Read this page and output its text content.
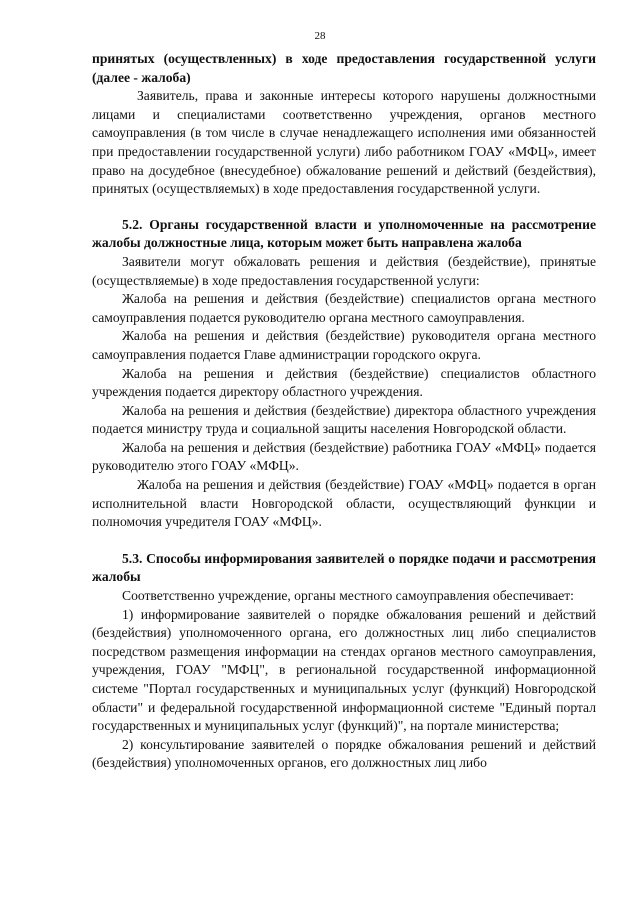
28

принятых (осуществленных) в ходе предоставления государственной услуги (далее - жалоба)

Заявитель, права и законные интересы которого нарушены должностными лицами и специалистами соответственно учреждения, органов местного самоуправления (в том числе в случае ненадлежащего исполнения ими обязанностей при предоставлении государственной услуги) либо работником ГОАУ «МФЦ», имеет право на досудебное (внесудебное) обжалование решений и действий (бездействия), принятых (осуществляемых) в ходе предоставления государственной услуги.

5.2. Органы государственной власти и уполномоченные на рассмотрение жалобы должностные лица, которым может быть направлена жалоба

Заявители могут обжаловать решения и действия (бездействие), принятые (осуществляемые) в ходе предоставления государственной услуги:

Жалоба на решения и действия (бездействие) специалистов органа местного самоуправления подается руководителю органа местного самоуправления.

Жалоба на решения и действия (бездействие) руководителя органа местного самоуправления подается Главе администрации городского округа.

Жалоба на решения и действия (бездействие) специалистов областного учреждения подается директору областного учреждения.

Жалоба на решения и действия (бездействие) директора областного учреждения подается министру труда и социальной защиты населения Новгородской области.

Жалоба на решения и действия (бездействие) работника ГОАУ «МФЦ» подается руководителю этого ГОАУ «МФЦ».

Жалоба на решения и действия (бездействие) ГОАУ «МФЦ» подается в орган исполнительной власти Новгородской области, осуществляющий функции и полномочия учредителя ГОАУ «МФЦ».

5.3. Способы информирования заявителей о порядке подачи и рассмотрения жалобы

Соответственно учреждение, органы местного самоуправления обеспечивает:

1) информирование заявителей о порядке обжалования решений и действий (бездействия) уполномоченного органа, его должностных лиц либо специалистов посредством размещения информации на стендах органов местного самоуправления, учреждения, ГОАУ "МФЦ", в региональной государственной информационной системе "Портал государственных и муниципальных услуг (функций) Новгородской области" и федеральной государственной информационной системе "Единый портал государственных и муниципальных услуг (функций)", на портале министерства;

2) консультирование заявителей о порядке обжалования решений и действий (бездействия) уполномоченных органов, его должностных лиц либо
